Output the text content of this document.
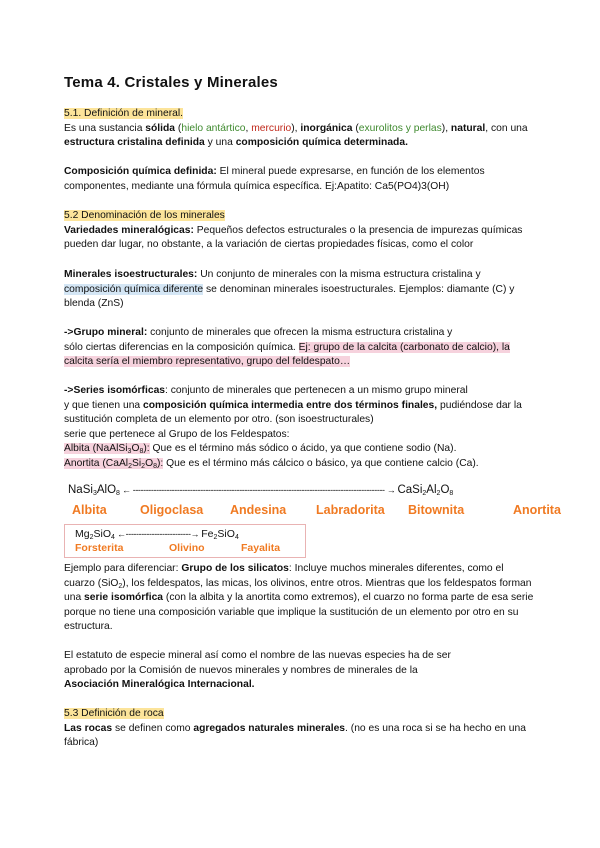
Tema 4. Cristales y Minerales
5.1. Definición de mineral.
Es una sustancia sólida (hielo antártico, mercurio), inorgánica (exurolitos y perlas), natural, con una
estructura cristalina definida y una composición química determinada.
Composición química definida: El mineral puede expresarse, en función de los elementos
componentes, mediante una fórmula química específica. Ej:Apatito: Ca5(PO4)3(OH)
5.2 Denominación de los minerales
Variedades mineralógicas: Pequeños defectos estructurales o la presencia de impurezas químicas
pueden dar lugar, no obstante, a la variación de ciertas propiedades físicas, como el color
Minerales isoestructurales: Un conjunto de minerales con la misma estructura cristalina y
composición química diferente se denominan minerales isoestructurales. Ejemplos: diamante (C) y
blenda (ZnS)
->Grupo mineral: conjunto de minerales que ofrecen la misma estructura cristalina y
sólo ciertas diferencias en la composición química. Ej: grupo de la calcita (carbonato de calcio), la
calcita sería el miembro representativo, grupo del feldespato…
->Series isomórficas: conjunto de minerales que pertenecen a un mismo grupo mineral
y que tienen una composición química intermedia entre dos términos finales, pudiéndose dar la
sustitución completa de un elemento por otro. (son isoestructurales)
serie que pertenece al Grupo de los Feldespatos:
Albita $(NaAlSi_3O_8)$: Que es el término más sódico o ácido, ya que contiene sodio (Na).
Anortita $(CaAl_2Si_2O_8)$: Que es el término más cálcico o básico, ya que contiene calcio (Ca).
NaSi$_3$AlO$_8$ ← ------------------------------------------------------------------------------------------------- → $CaSi_2Al_2O_8$
Albita	Oligoclasa Andesina Labradorita Bitownita	Anortita
$Mg_2SiO_4$ ←-------------------------→ $Fe_2SiO_4$
Forsterita	Olivino	Fayalita
Ejemplo para diferenciar: Grupo de los silicatos: Incluye muchos minerales diferentes, como el
cuarzo (SiO$_2$), los feldespatos, las micas, los olivinos, entre otros. Mientras que los feldespatos forman
una serie isomórfica (con la albita y la anortita como extremos), el cuarzo no forma parte de esa serie
porque no tiene una composición variable que implique la sustitución de un elemento por otro en su
estructura.
El estatuto de especie mineral así como el nombre de las nuevas especies ha de ser
aprobado por la Comisión de nuevos minerales y nombres de minerales de la
Asociación Mineralógica Internacional.
5.3 Definición de roca
Las rocas se definen como agregados naturales minerales. (no es una roca si se ha hecho en una
fábrica)
